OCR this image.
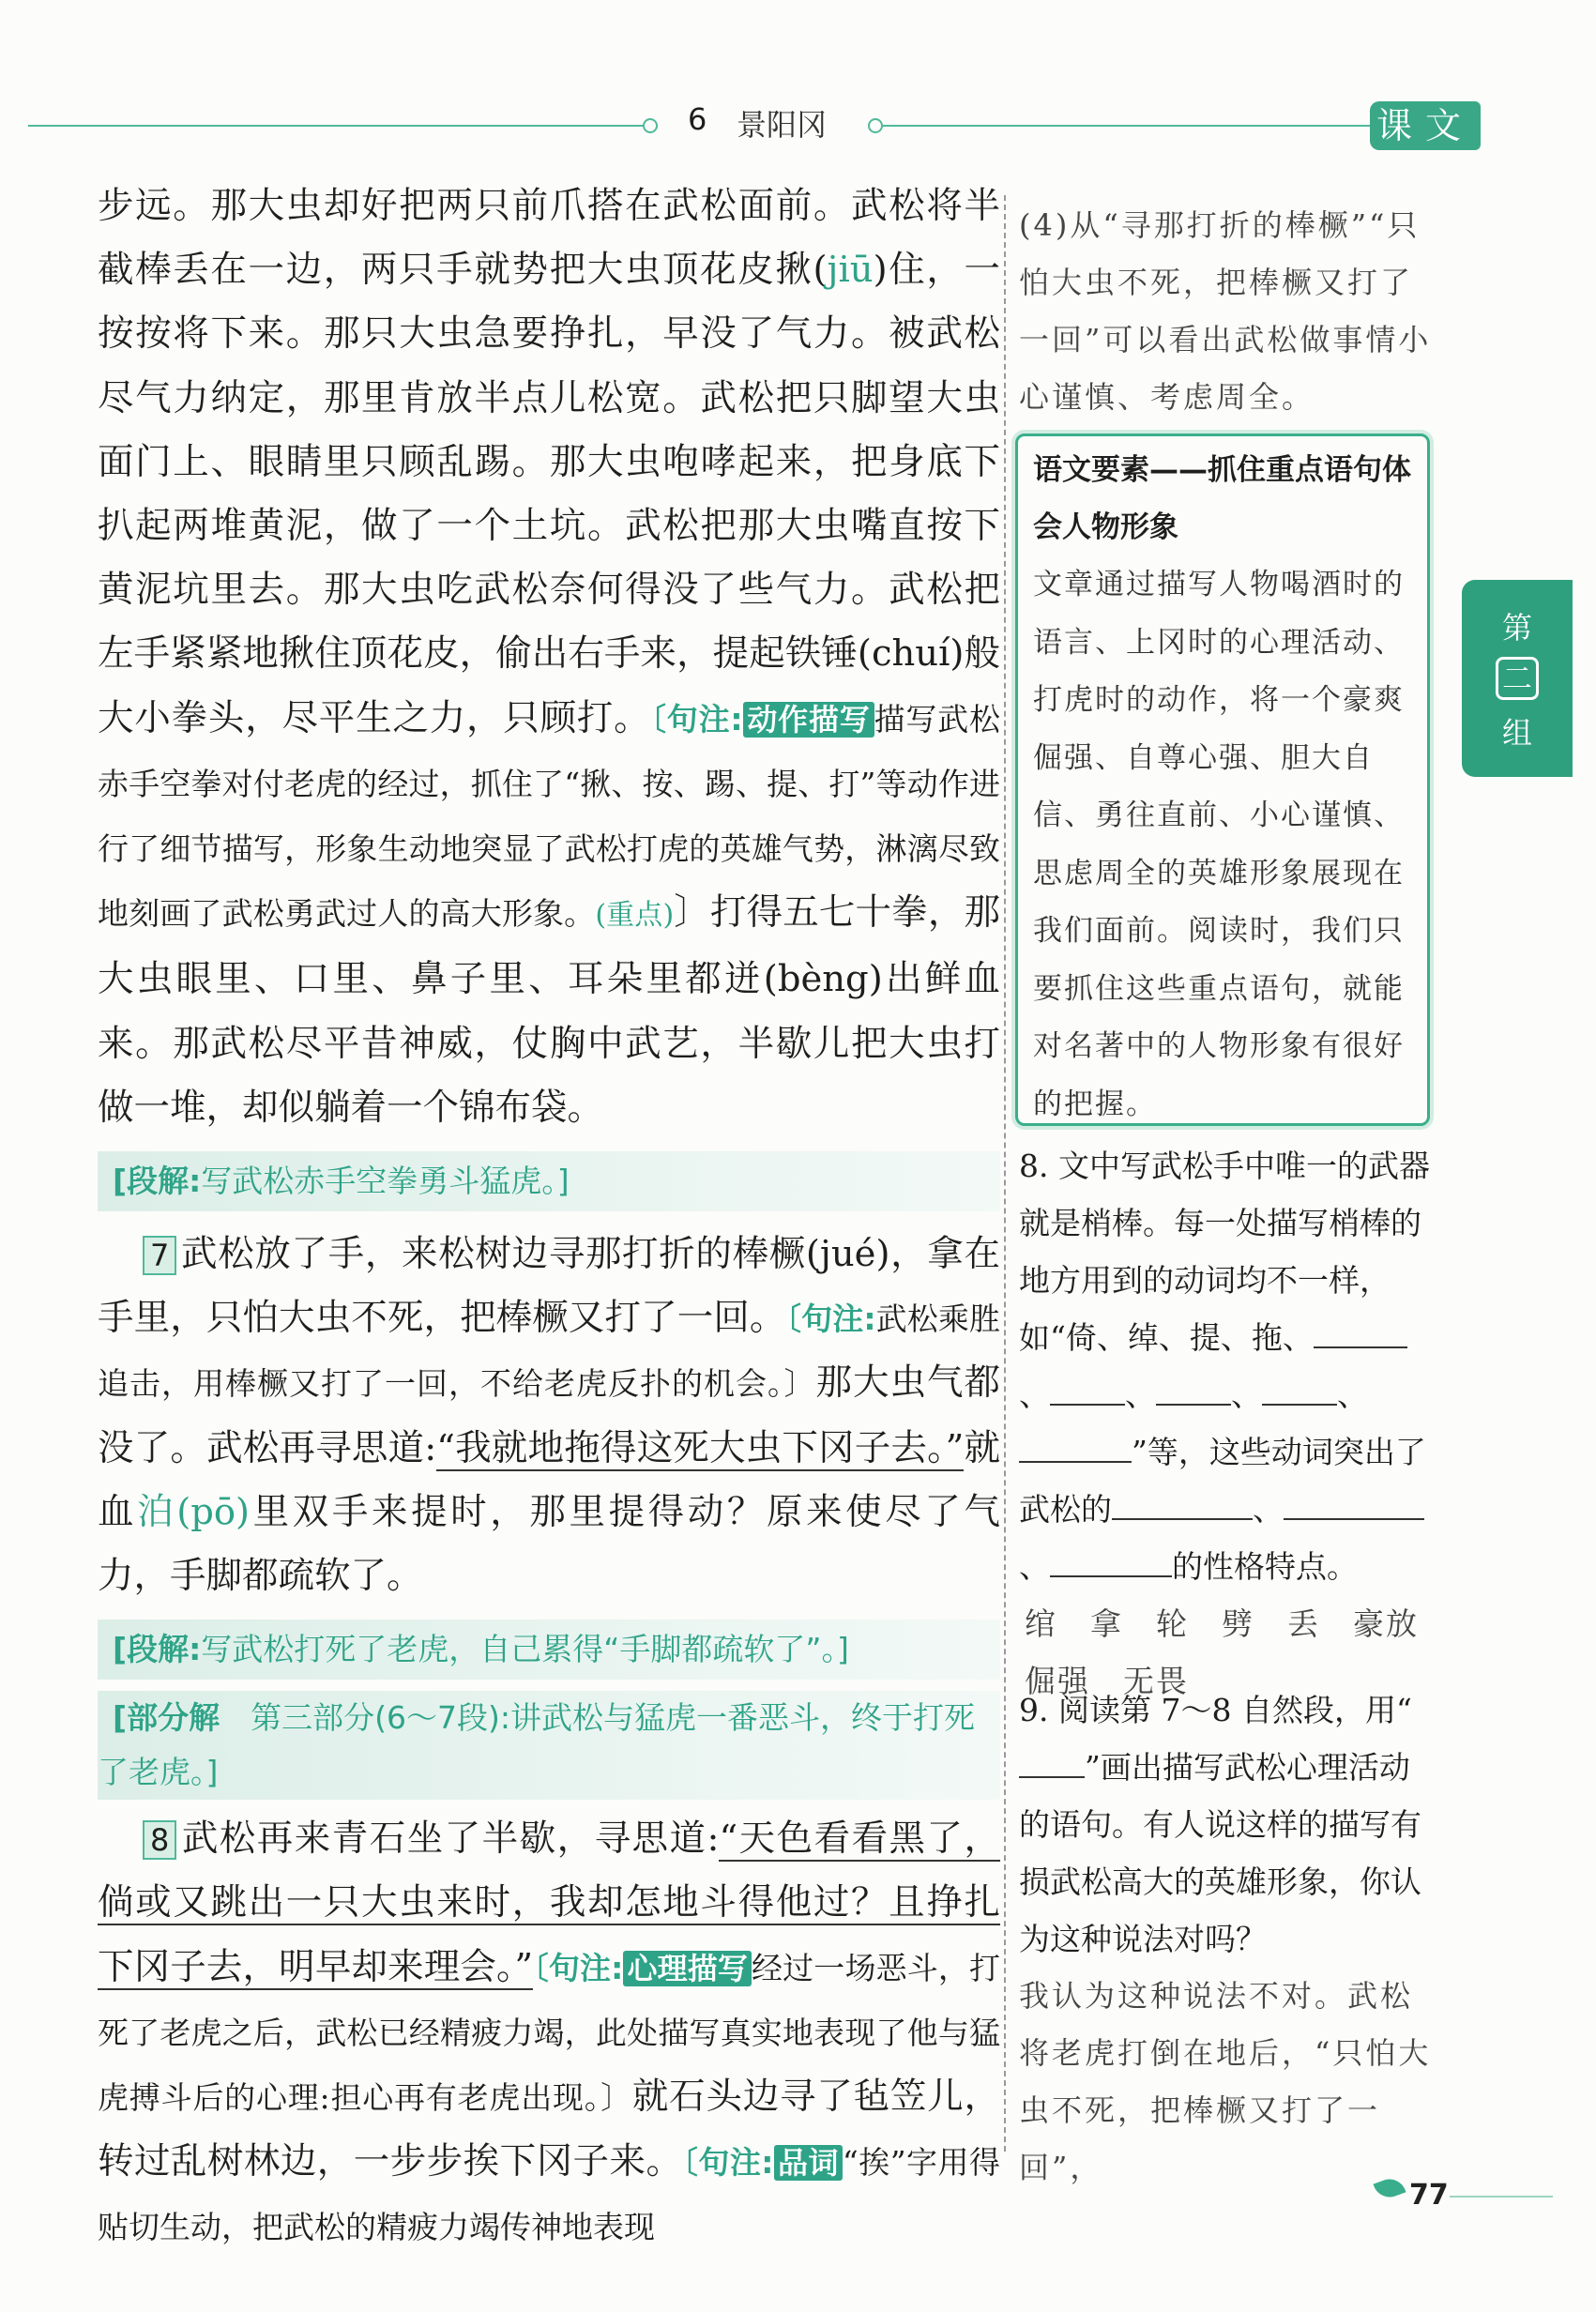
6 景阳冈	课文
第
二
组

步远。那大虫却好把两只前爪搭在武松面前。武松将半截棒丢在一边，两只手就势把大虫顶花皮揪(jiū)住，一按按将下来。那只大虫急要挣扎，早没了气力。被武松尽气力纳定，那里肯放半点儿松宽。武松把只脚望大虫面门上、眼睛里只顾乱踢。那大虫咆哮起来，把身底下扒起两堆黄泥，做了一个土坑。武松把那大虫嘴直按下黄泥坑里去。那大虫吃武松奈何得没了些气力。武松把左手紧紧地揪住顶花皮，偷出右手来，提起铁锤(chuí)般大小拳头，尽平生之力，只顾打。〔句注: 动作描写 描写武松赤手空拳对付老虎的经过，抓住了“揪、按、踢、提、打”等动作进行了细节描写，形象生动地突显了武松打虎的英雄气势，淋漓尽致地刻画了武松勇武过人的高大形象。(重点)〕打得五七十拳，那大虫眼里、口里、鼻子里、耳朵里都迸(bèng)出鲜血来。那武松尽平昔神威，仗胸中武艺，半歇儿把大虫打做一堆，却似躺着一个锦布袋。

[段解:写武松赤手空拳勇斗猛虎。]

7 武松放了手，来松树边寻那打折的棒橛(jué)，拿在手里，只怕大虫不死，把棒橛又打了一回。〔句注:武松乘胜追击，用棒橛又打了一回，不给老虎反扑的机会。〕那大虫气都没了。武松再寻思道:“我就地拖得这死大虫下冈子去。”就血泊(pō)里双手来提时，那里提得动？原来使尽了气力，手脚都疏软了。

[段解:写武松打死了老虎，自己累得“手脚都疏软了”。]
[部分解　 第三部分(6～7段):讲武松与猛虎一番恶斗，终于打死了老虎。]

8 武松再来青石坐了半歇，寻思道:“天色看看黑了，倘或又跳出一只大虫来时，我却怎地斗得他过？且挣扎下冈子去，明早却来理会。”〔句注: 心理描写 经过一场恶斗，打死了老虎之后，武松已经精疲力竭，此处描写真实地表现了他与猛虎搏斗后的心理:担心再有老虎出现。〕就石头边寻了毡笠儿，转过乱树林边，一步步挨下冈子来。〔句注: 品词 “挨”字用得贴切生动，把武松的精疲力竭传神地表现

(4)从“寻那打折的棒橛”“只怕大虫不死，把棒橛又打了一回”可以看出武松做事情小心谨慎、考虑周全。

语文要素——抓住重点语句体会人物形象
文章通过描写人物喝酒时的语言、上冈时的心理活动、打虎时的动作，将一个豪爽倔强、自尊心强、胆大自信、勇往直前、小心谨慎、思虑周全的英雄形象展现在我们面前。阅读时，我们只要抓住这些重点语句，就能对名著中的人物形象有很好的把握。

8. 文中写武松手中唯一的武器就是梢棒。每一处描写梢棒的地方用到的动词均不一样，如“倚、绰、提、拖、、 、 、 、”等，这些动词突出了武松的	、、	的性格特点。

绾　拿　轮　劈　丢　豪放　倔强　无畏

9. 阅读第 7～8 自然段，用“”画出描写武松心理活动的语句。有人说这样的描写有损武松高大的英雄形象，你认为这种说法对吗？

我认为这种说法不对。武松将老虎打倒在地后，“只怕大虫不死，把棒橛又打了一回”，

77
